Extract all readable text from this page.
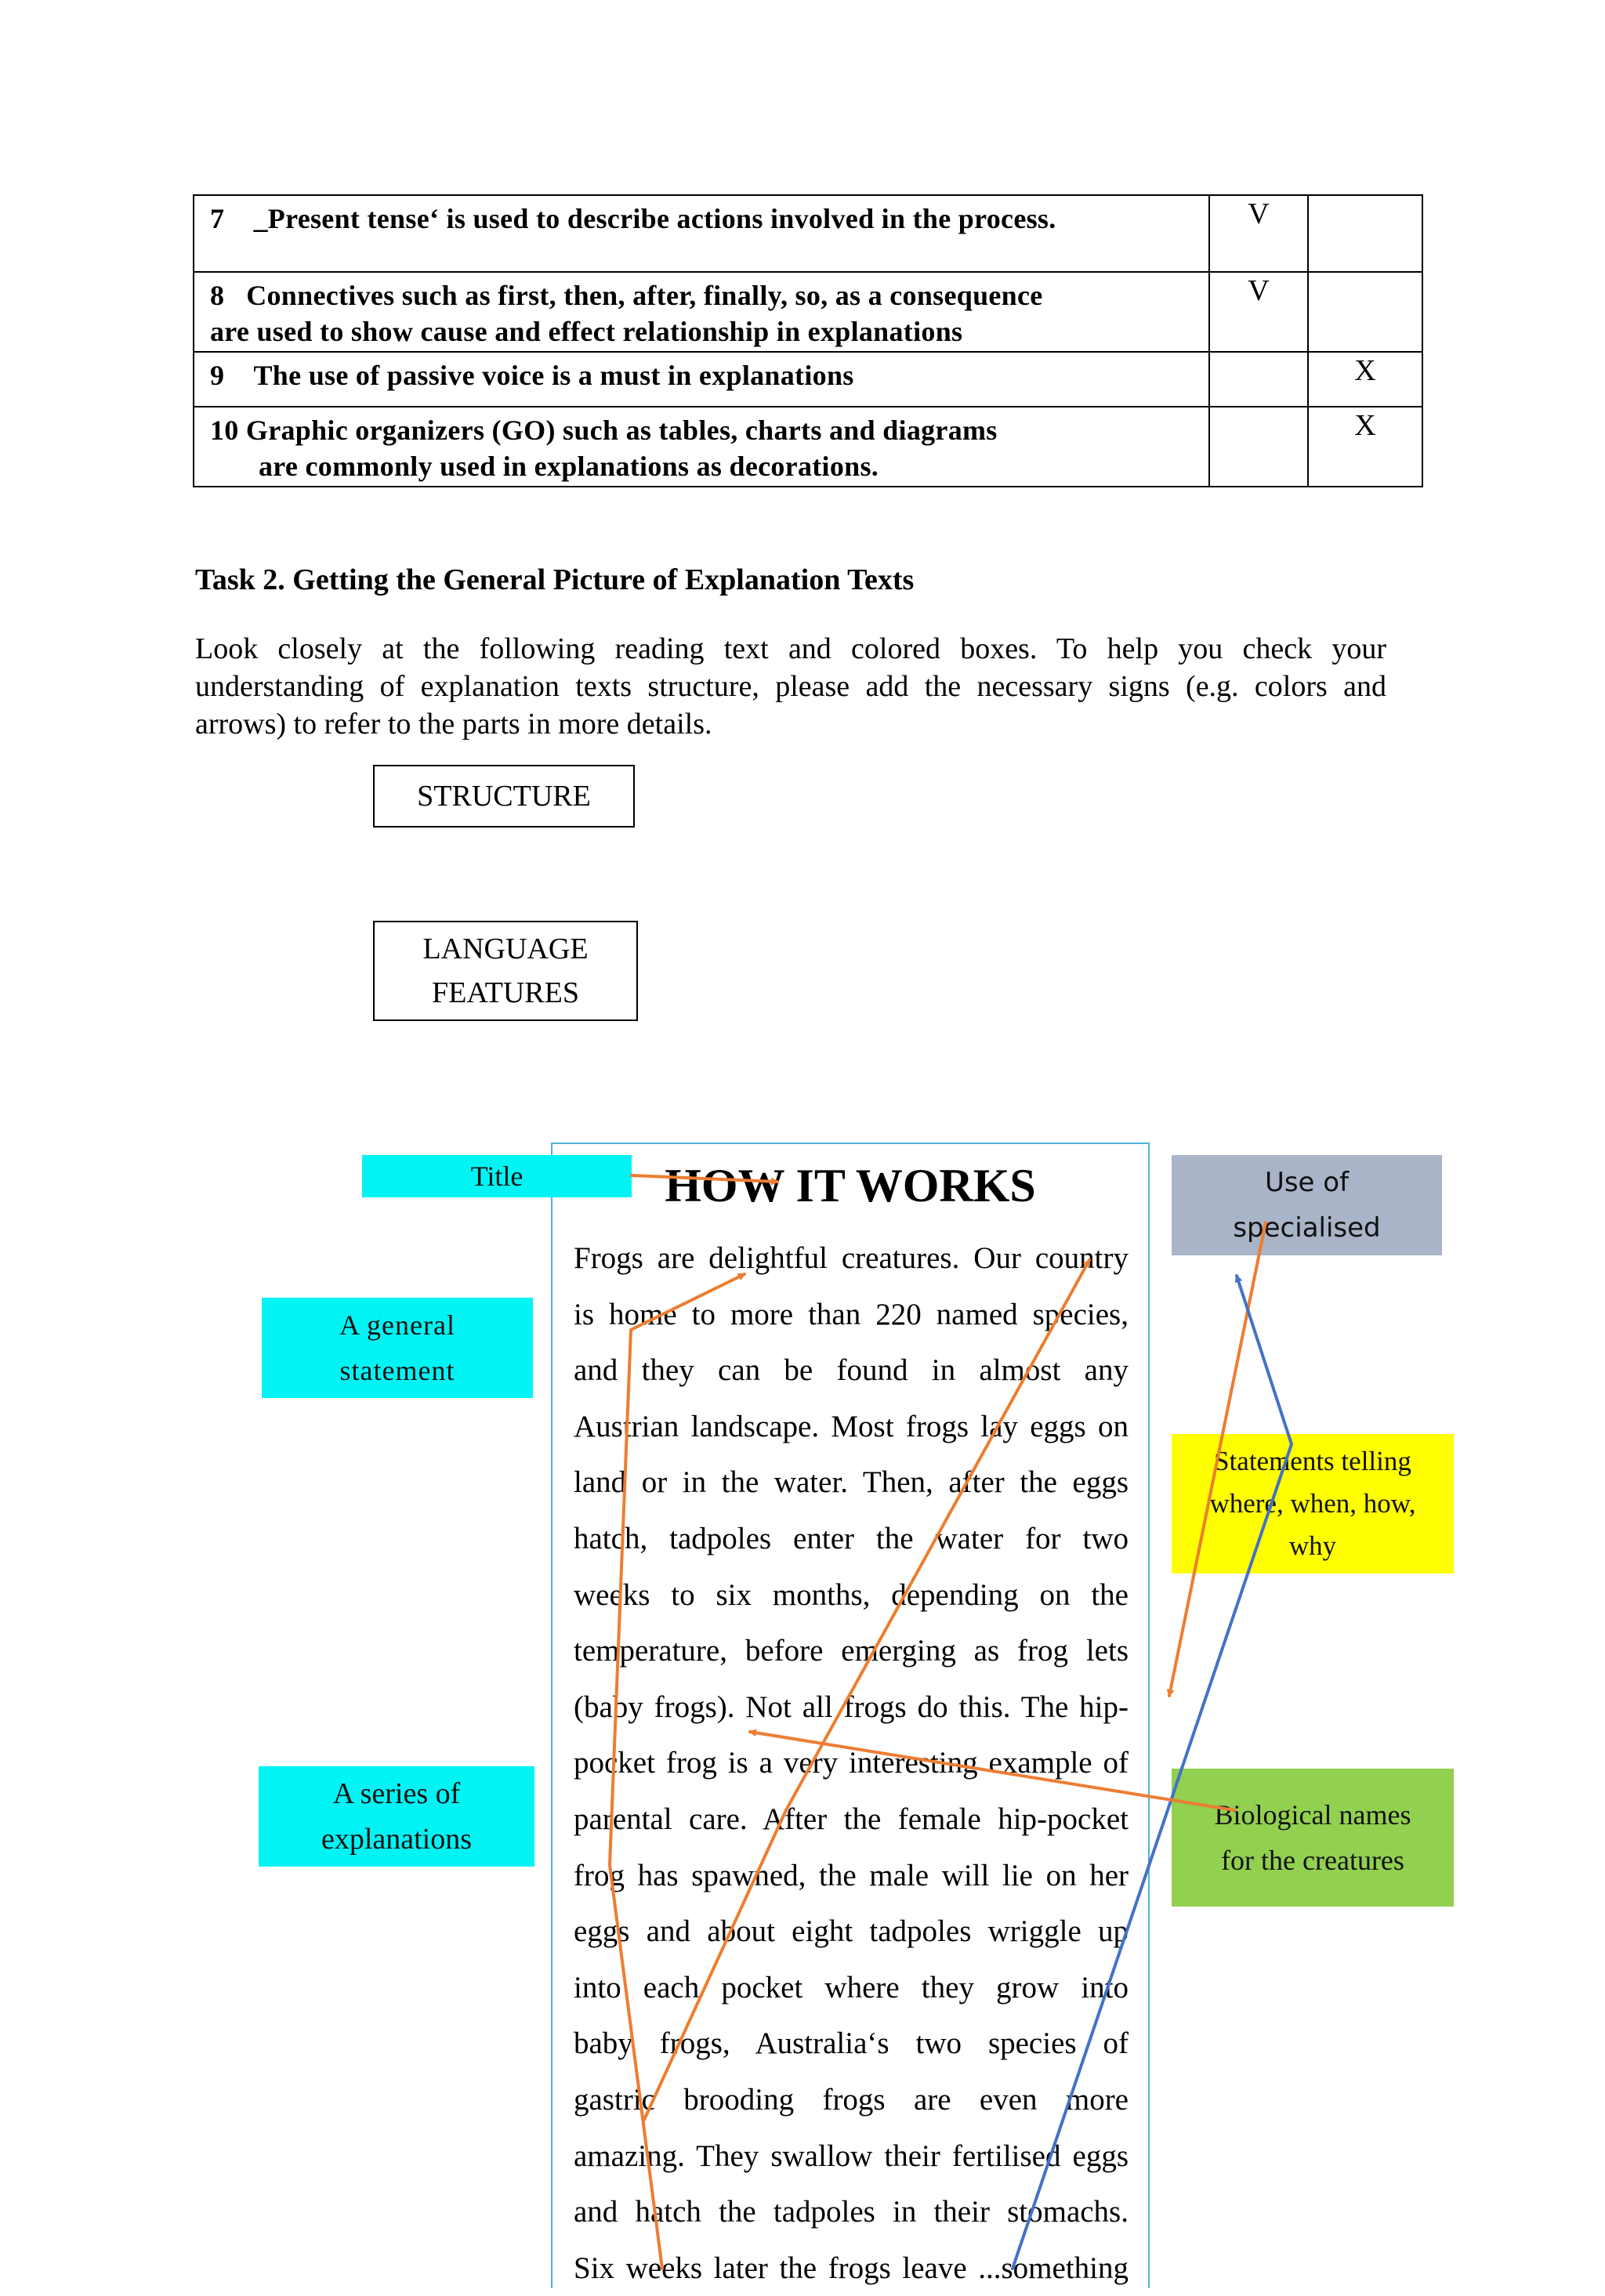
7    _Present tense‘ is used to describe actions involved in the process.	V	

8   Connectives such as first, then, after, finally, so, as a consequence
are used to show cause and effect relationship in explanations	V	

9    The use of passive voice is a must in explanations		X

10 Graphic organizers (GO) such as tables, charts and diagrams
are commonly used in explanations as decorations.		X
Task 2. Getting the General Picture of Explanation Texts
Look closely at the following reading text and colored boxes. To help you check your
understanding of explanation texts structure, please add the necessary signs (e.g. colors and
arrows) to refer to the parts in more details.
STRUCTURE
LANGUAGE
FEATURES
HOW IT WORKS
Frogs are delightful creatures. Our country
is home to more than 220 named species,
and they can be found in almost any
Austrian landscape. Most frogs lay eggs on
land or in the water. Then, after the eggs
hatch, tadpoles enter the water for two
weeks to six months, depending on the
temperature, before emerging as frog lets
(baby frogs). Not all frogs do this. The hip-
pocket frog is a very interesting example of
parental care. After the female hip-pocket
frog has spawned, the male will lie on her
eggs and about eight tadpoles wriggle up
into each pocket where they grow into
baby frogs, Australia‘s two species of
gastric brooding frogs are even more
amazing. They swallow their fertilised eggs
and hatch the tadpoles in their stomachs.
Six weeks later the frogs leave ...something
Title
A general
statement
A series of
explanations
Use of
specialised
Statements telling
where, when, how,
why
Biological names
for the creatures
